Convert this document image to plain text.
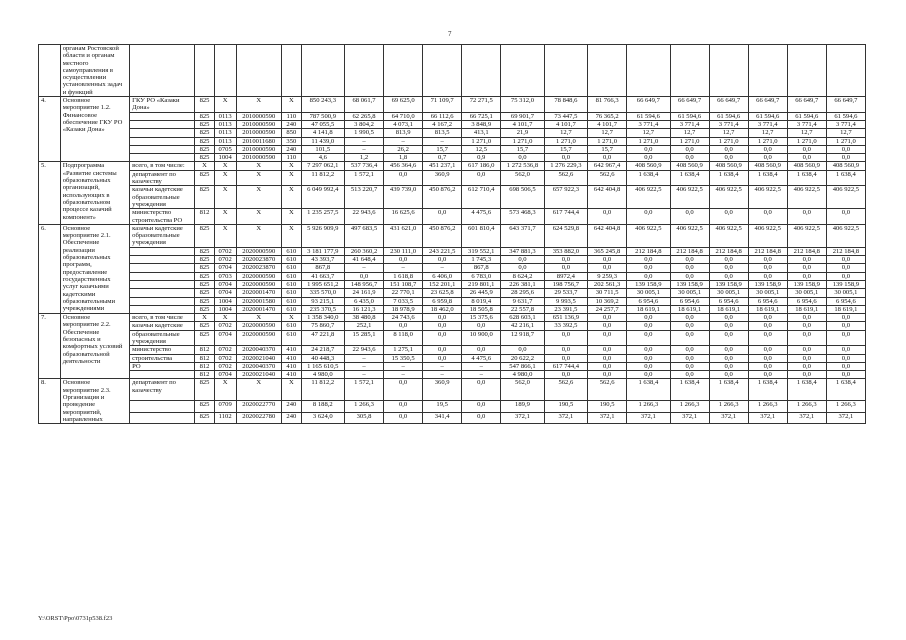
7
	органам Ростовской области и органам местного самоуправления в осуществлении установленных задач и функций																			
4.	Основное мероприятие 1.2. Финансовое обеспечение ГКУ РО «Казаки Дона»	ГКУ РО «Казаки Дона»	825	X	X	X	850 243,3	68 061,7	69 625,0	71 109,7	72 271,5	75 312,0	78 848,6	81 766,3	66 649,7	66 649,7	66 649,7	66 649,7	66 649,7	66 649,7
			825	0113	2010000590	110	787 500,9	62 265,8	64 710,0	66 112,6	66 725,1	69 901,7	73 447,5	76 365,2	61 594,6	61 594,6	61 594,6	61 594,6	61 594,6	61 594,6
			825	0113	2010000590	240	47 055,5	3 804,2	4 073,1	4 167,2	3 848,9	4 101,7	4 101,7	4 101,7	3 771,4	3 771,4	3 771,4	3 771,4	3 771,4	3 771,4
			825	0113	2010000590	850	4 141,8	1 990,5	813,9	813,5	413,1	21,9	12,7	12,7	12,7	12,7	12,7	12,7	12,7	12,7
			825	0113	2010011680	350	11 439,0	–	–	–	1 271,0	1 271,0	1 271,0	1 271,0	1 271,0	1 271,0	1 271,0	1 271,0	1 271,0	1 271,0
			825	0705	2010000590	240	101,5	–	26,2	15,7	12,5	15,7	15,7	15,7	0,0	0,0	0,0	0,0	0,0	0,0
			825	1004	2010000590	110	4,6	1,2	1,8	0,7	0,9	0,0	0,0	0,0	0,0	0,0	0,0	0,0	0,0	0,0
5.	Подпрограмма «Развитие системы образовательных организаций, использующих в образовательном процессе казачий компонент»	всего, в том числе:	X	X	X	X	7 297 062,1	537 736,4	456 364,6	451 237,1	617 186,0	1 272 536,8	1 276 229,3	642 967,4	408 560,9	408 560,9	408 560,9	408 560,9	408 560,9	408 560,9
		департамент по казачеству	825	X	X	X	11 812,2	1 572,1	0,0	360,9	0,0	562,0	562,6	562,6	1 638,4	1 638,4	1 638,4	1 638,4	1 638,4	1 638,4
		казачьи кадетские образовательные учреждения	825	X	X	X	6 049 992,4	513 220,7	439 739,0	450 876,2	612 710,4	698 506,5	657 922,3	642 404,8	406 922,5	406 922,5	406 922,5	406 922,5	406 922,5	406 922,5
		министерство строительства РО	812	X	X	X	1 235 257,5	22 943,6	16 625,6	0,0	4 475,6	573 468,3	617 744,4	0,0	0,0	0,0	0,0	0,0	0,0	0,0
6.	Основное мероприятие 2.1. Обеспечение реализации образовательных программ, предоставление государственных услуг казачьими кадетскими образовательными учреждениями	казачьи кадетские образовательные учреждения	825	X	X	X	5 926 909,9	497 683,5	431 621,0	450 876,2	601 810,4	643 371,7	624 529,8	642 404,8	406 922,5	406 922,5	406 922,5	406 922,5	406 922,5	406 922,5
			825	0702	2020000590	610	3 181 177,9	260 360,2	230 111,0	243 221,5	319 552,1	347 881,3	353 882,0	365 245,8	212 184,8	212 184,8	212 184,8	212 184,8	212 184,8	212 184,8
			825	0702	2020023870	610	43 393,7	41 648,4	0,0	0,0	1 745,3	0,0	0,0	0,0	0,0	0,0	0,0	0,0	0,0	0,0
			825	0704	2020023870	610	867,8	–	–	–	867,8	0,0	0,0	0,0	0,0	0,0	0,0	0,0	0,0	0,0
			825	0703	2020000590	610	41 663,7	0,0	1 618,8	6 406,0	6 783,0	8 624,2	8972,4	9 259,3	0,0	0,0	0,0	0,0	0,0	0,0
			825	0704	2020000590	610	1 995 651,2	148 956,7	151 108,7	152 201,1	219 801,1	226 381,1	198 756,7	202 561,3	139 158,9	139 158,9	139 158,9	139 158,9	139 158,9	139 158,9
			825	0704	2020001470	610	335 570,0	24 161,9	22 770,1	23 625,8	26 445,9	28 295,6	29 533,7	30 711,5	30 005,1	30 005,1	30 005,1	30 005,1	30 005,1	30 005,1
			825	1004	2020001580	610	93 215,1	6 435,0	7 033,5	6 959,8	8 019,4	9 631,7	9 993,5	10 369,2	6 954,6	6 954,6	6 954,6	6 954,6	6 954,6	6 954,6
			825	1004	2020001470	610	235 370,5	16 121,3	18 978,9	18 462,0	18 505,8	22 557,8	23 391,5	24 257,7	18 619,1	18 619,1	18 619,1	18 619,1	18 619,1	18 619,1
7.	Основное мероприятие 2.2. Обеспечение безопасных и комфортных условий образовательной деятельности	всего, в том числе	X	X	X	X	1 358 340,0	38 480,8	24 743,6	0,0	15 375,6	628 603,1	651 136,9	0,0	0,0	0,0	0,0	0,0	0,0	0,0
		казачьи кадетские	825	0702	2020000590	610	75 860,7	252,1	0,0	0,0	0,0	42 216,1	33 392,5	0,0	0,0	0,0	0,0	0,0	0,0	0,0
		образовательные учреждения	825	0704	2020000590	610	47 221,8	15 285,1	8 118,0	0,0	10 900,0	12 918,7	0,0	0,0	0,0	0,0	0,0	0,0	0,0	0,0
		министерство	812	0702	2020040370	410	24 218,7	22 943,6	1 275,1	0,0	0,0	0,0	0,0	0,0	0,0	0,0	0,0	0,0	0,0	0,0
		строительства	812	0702	2020021040	410	40 448,3	–	15 350,5	0,0	4 475,6	20 622,2	0,0	0,0	0,0	0,0	0,0	0,0	0,0	0,0
		РО	812	0702	2020040370	410	1 165 610,5	–	–	–	–	547 866,1	617 744,4	0,0	0,0	0,0	0,0	0,0	0,0	0,0
			812	0704	2020021040	410	4 980,0	–	–	–	–	4 980,0	0,0	0,0	0,0	0,0	0,0	0,0	0,0	0,0
8.	Основное мероприятие 2.3. Организация и проведение мероприятий, направленных	департамент по казачеству	825	X	X	X	11 812,2	1 572,1	0,0	360,9	0,0	562,0	562,6	562,6	1 638,4	1 638,4	1 638,4	1 638,4	1 638,4	1 638,4
			825	0709	2020022770	240	8 188,2	1 266,3	0,0	19,5	0,0	189,9	190,5	190,5	1 266,3	1 266,3	1 266,3	1 266,3	1 266,3	1 266,3
			825	1102	2020022780	240	3 624,0	305,8	0,0	341,4	0,0	372,1	372,1	372,1	372,1	372,1	372,1	372,1	372,1	372,1
Y:\ORST\Ppo\0731p538.f23
